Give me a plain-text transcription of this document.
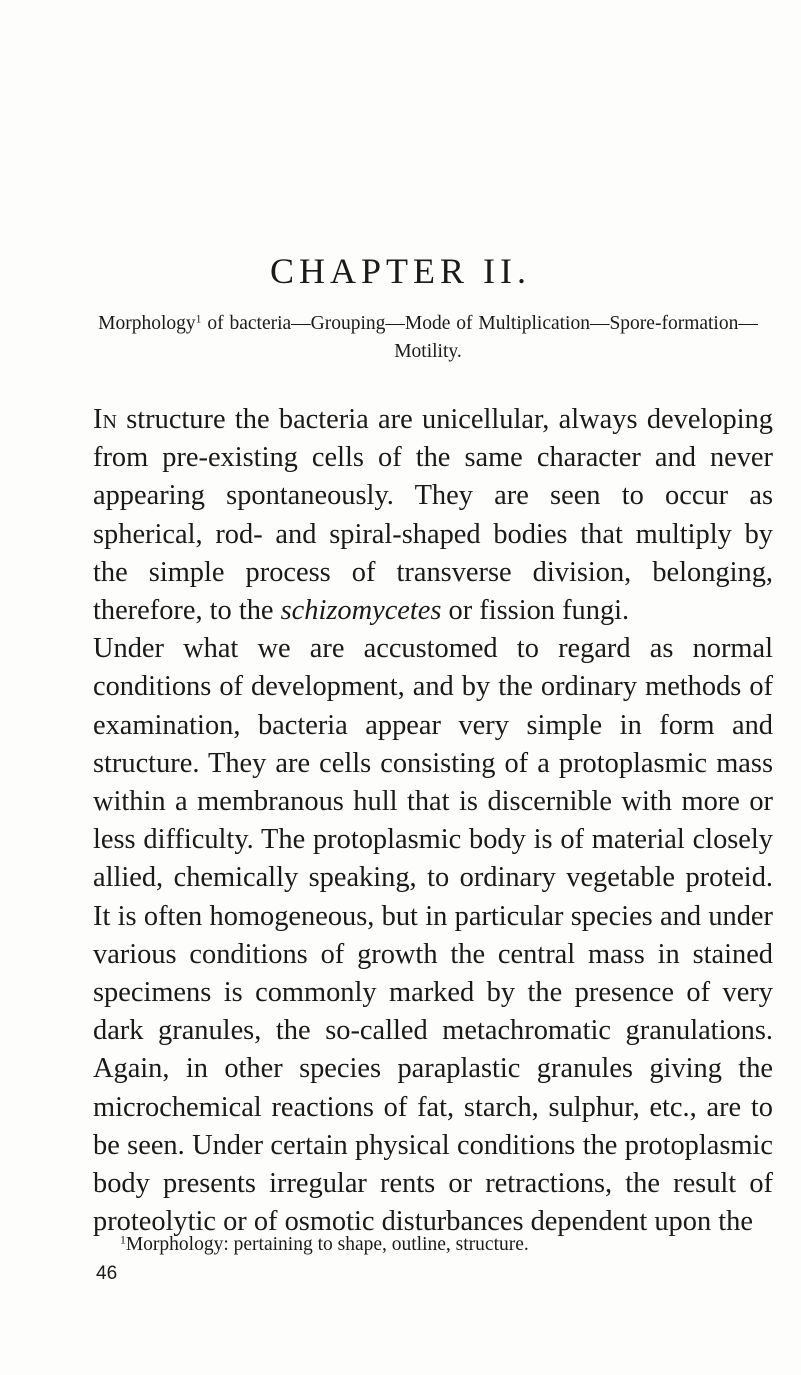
CHAPTER II.
Morphology$^1$ of bacteria—Grouping—Mode of Multiplication—Spore-formation—Motility.

In structure the bacteria are unicellular, always developing from pre-existing cells of the same character and never appearing spontaneously. They are seen to occur as spherical, rod- and spiral-shaped bodies that multiply by the simple process of transverse division, belonging, therefore, to the schizomycetes or fission fungi.

Under what we are accustomed to regard as normal conditions of development, and by the ordinary methods of examination, bacteria appear very simple in form and structure. They are cells consisting of a protoplasmic mass within a membranous hull that is discernible with more or less difficulty. The protoplasmic body is of material closely allied, chemically speaking, to ordinary vegetable proteid. It is often homogeneous, but in particular species and under various conditions of growth the central mass in stained specimens is commonly marked by the presence of very dark granules, the so-called metachromatic granulations. Again, in other species paraplastic granules giving the microchemical reactions of fat, starch, sulphur, etc., are to be seen. Under certain physical conditions the protoplasmic body presents irregular rents or retractions, the result of proteolytic or of osmotic disturbances dependent upon the

$^1$Morphology: pertaining to shape, outline, structure.
46
